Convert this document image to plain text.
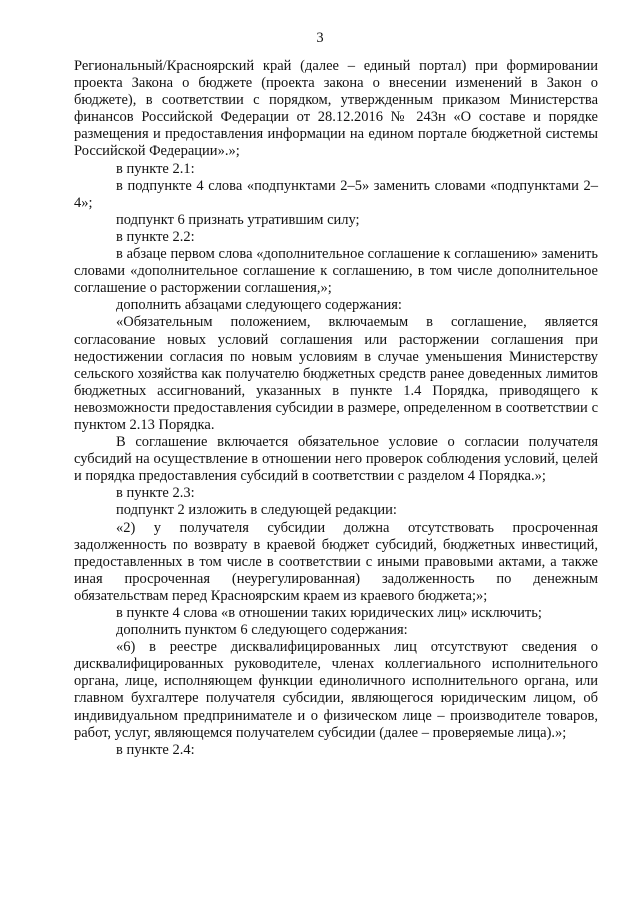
3

Региональный/Красноярский край (далее – единый портал) при формировании проекта Закона о бюджете (проекта закона о внесении изменений в Закон о бюджете), в соответствии с порядком, утвержденным приказом Министерства финансов Российской Федерации от 28.12.2016 № 243н «О составе и порядке размещения и предоставления информации на едином портале бюджетной системы Российской Федерации».»;

в пункте 2.1:

в подпункте 4 слова «подпунктами 2–5» заменить словами «подпунктами 2–4»;

подпункт 6 признать утратившим силу;

в пункте 2.2:

в абзаце первом слова «дополнительное соглашение к соглашению» заменить словами «дополнительное соглашение к соглашению, в том числе дополнительное соглашение о расторжении соглашения,»;

дополнить абзацами следующего содержания:

«Обязательным положением, включаемым в соглашение, является согласование новых условий соглашения или расторжении соглашения при недостижении согласия по новым условиям в случае уменьшения Министерству сельского хозяйства как получателю бюджетных средств ранее доведенных лимитов бюджетных ассигнований, указанных в пункте 1.4 Порядка, приводящего к невозможности предоставления субсидии в размере, определенном в соответствии с пунктом 2.13 Порядка.

В соглашение включается обязательное условие о согласии получателя субсидий на осуществление в отношении него проверок соблюдения условий, целей и порядка предоставления субсидий в соответствии с разделом 4 Порядка.»;

в пункте 2.3:

подпункт 2 изложить в следующей редакции:

«2) у получателя субсидии должна отсутствовать просроченная задолженность по возврату в краевой бюджет субсидий, бюджетных инвестиций, предоставленных в том числе в соответствии с иными правовыми актами, а также иная просроченная (неурегулированная) задолженность по денежным обязательствам перед Красноярским краем из краевого бюджета;»;

в пункте 4 слова «в отношении таких юридических лиц» исключить;

дополнить пунктом 6 следующего содержания:

«6) в реестре дисквалифицированных лиц отсутствуют сведения о дисквалифицированных руководителе, членах коллегиального исполнительного органа, лице, исполняющем функции единоличного исполнительного органа, или главном бухгалтере получателя субсидии, являющегося юридическим лицом, об индивидуальном предпринимателе и о физическом лице – производителе товаров, работ, услуг, являющемся получателем субсидии (далее – проверяемые лица).»;

в пункте 2.4:
